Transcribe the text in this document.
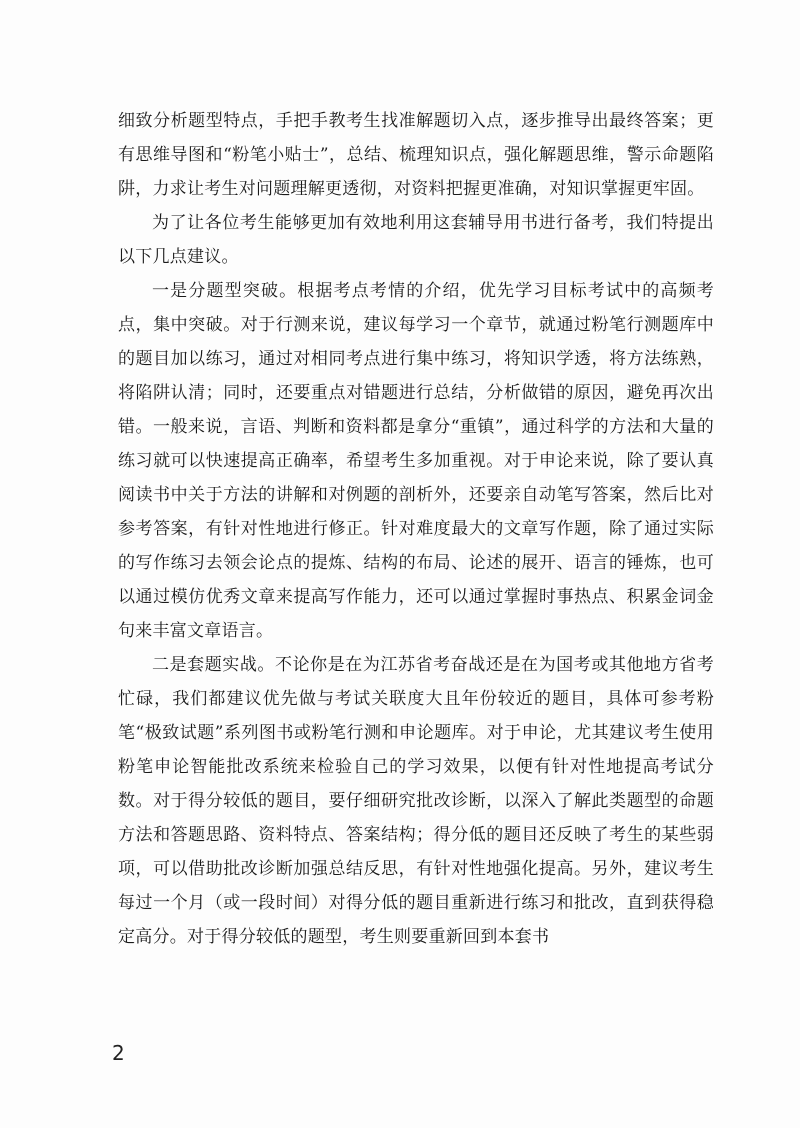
细致分析题型特点，手把手教考生找准解题切入点，逐步推导出最终答案；更有思维导图和“粉笔小贴士”，总结、梳理知识点，强化解题思维，警示命题陷阱，力求让考生对问题理解更透彻，对资料把握更准确，对知识掌握更牢固。

为了让各位考生能够更加有效地利用这套辅导用书进行备考，我们特提出以下几点建议。

一是分题型突破。根据考点考情的介绍，优先学习目标考试中的高频考点，集中突破。对于行测来说，建议每学习一个章节，就通过粉笔行测题库中的题目加以练习，通过对相同考点进行集中练习，将知识学透，将方法练熟，将陷阱认清；同时，还要重点对错题进行总结，分析做错的原因，避免再次出错。一般来说，言语、判断和资料都是拿分“重镇”，通过科学的方法和大量的练习就可以快速提高正确率，希望考生多加重视。对于申论来说，除了要认真阅读书中关于方法的讲解和对例题的剖析外，还要亲自动笔写答案，然后比对参考答案，有针对性地进行修正。针对难度最大的文章写作题，除了通过实际的写作练习去领会论点的提炼、结构的布局、论述的展开、语言的锤炼，也可以通过模仿优秀文章来提高写作能力，还可以通过掌握时事热点、积累金词金句来丰富文章语言。

二是套题实战。不论你是在为江苏省考奋战还是在为国考或其他地方省考忙碌，我们都建议优先做与考试关联度大且年份较近的题目，具体可参考粉笔“极致试题”系列图书或粉笔行测和申论题库。对于申论，尤其建议考生使用粉笔申论智能批改系统来检验自己的学习效果，以便有针对性地提高考试分数。对于得分较低的题目，要仔细研究批改诊断，以深入了解此类题型的命题方法和答题思路、资料特点、答案结构；得分低的题目还反映了考生的某些弱项，可以借助批改诊断加强总结反思，有针对性地强化提高。另外，建议考生每过一个月（或一段时间）对得分低的题目重新进行练习和批改，直到获得稳定高分。对于得分较低的题型，考生则要重新回到本套书

2
